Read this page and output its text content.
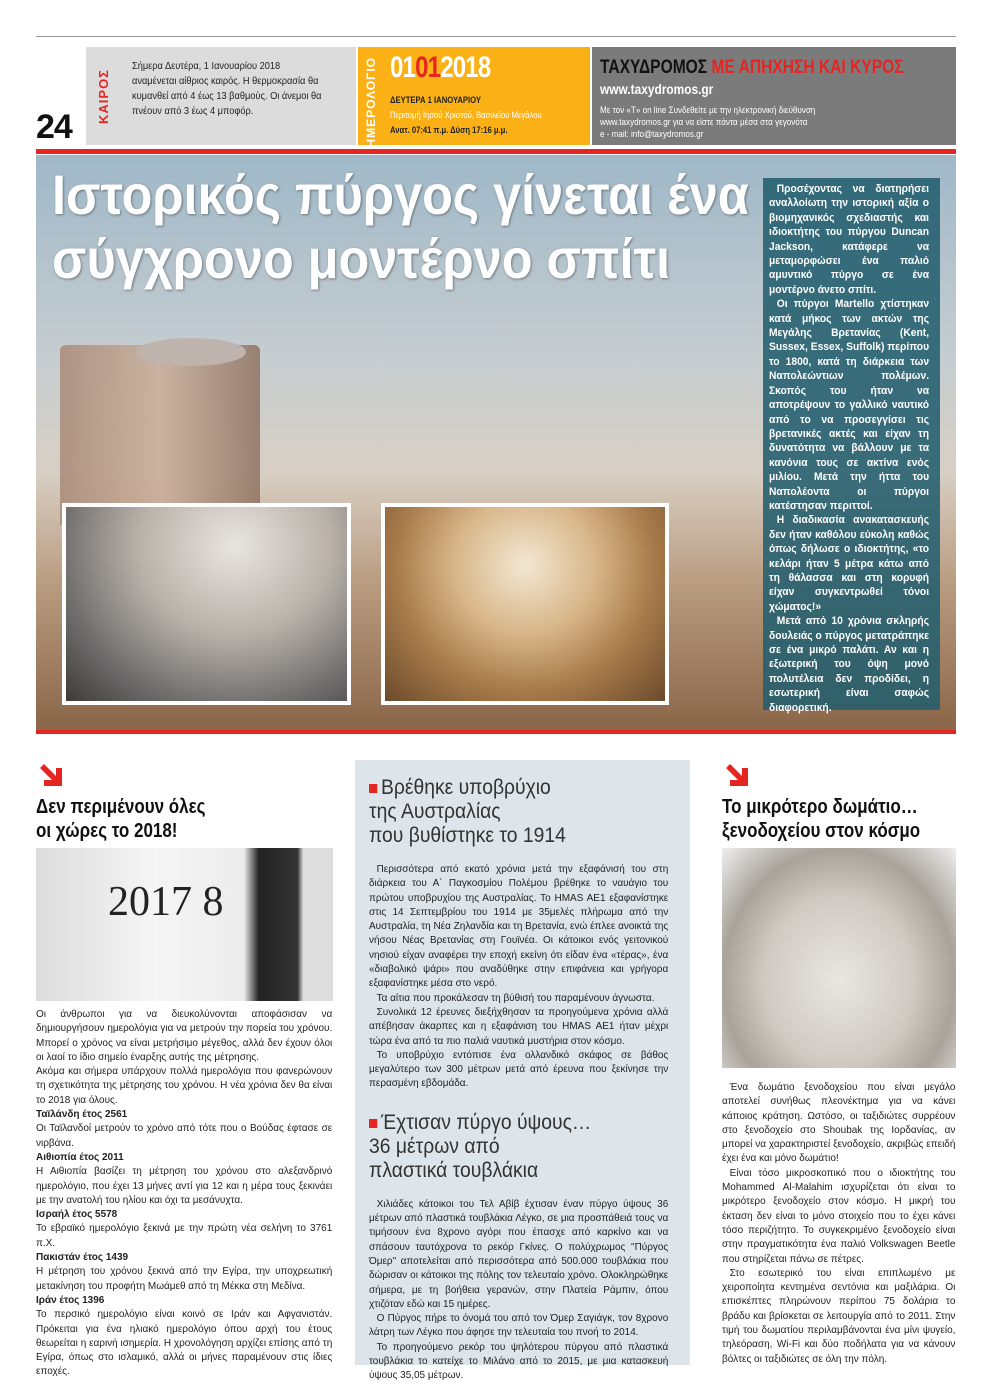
24
ΚΑΙΡΟΣ
Σήμερα Δευτέρα, 1 Ιανουαρίου 2018 αναμένεται αίθριος καιρός. Η θερμοκρασία θα κυμανθεί από 4 έως 13 βαθμούς. Οι άνεμοι θα πνέουν από 3 έως 4 μποφόρ.	ΗΜΕΡΟΛΟΓΙΟ 01012018
ΔΕΥΤΕΡΑ 1 ΙΑΝΟΥΑΡΙΟΥ
Περιτομή Ιησού Χριστού, Βασιλείου Μεγάλου
Ανατ. 07:41 π.μ. Δύση 17:16 μ.μ.
ΤΑΧΥΔΡΟΜΟΣ ΜΕ ΑΠΗΧΗΣΗ ΚΑΙ ΚΥΡΟΣ
www.taxydromos.gr
Με τον «Τ» on line Συνδεθείτε με την ηλεκτρονική διεύθυνση
www.taxydromos.gr για να είστε πάντα μέσα στα γεγονότα
e - mail: info@taxydromos.gr
Ιστορικός πύργος γίνεται ένα σύγχρονο μοντέρνο σπίτι

Προσέχοντας να διατηρήσει αναλλοίωτη την ιστορική αξία ο βιομηχανικός σχεδιαστής και ιδιοκτήτης του πύργου Duncan Jackson, κατάφερε να μεταμορφώσει ένα παλιό αμυντικό πύργο σε ένα μοντέρνο άνετο σπίτι.

Οι πύργοι Martello χτίστηκαν κατά μήκος των ακτών της Μεγάλης Βρετανίας (Kent, Sussex, Essex, Suffolk) περίπου το 1800, κατά τη διάρκεια των Ναπολεώντιων πολέμων. Σκοπός του ήταν να αποτρέψουν το γαλλικό ναυτικό από το να προσεγγίσει τις βρετανικές ακτές και είχαν τη δυνατότητα να βάλλουν με τα κανόνια τους σε ακτίνα ενός μιλίου. Μετά την ήττα του Ναπολέοντα οι πύργοι κατέστησαν περιττοί.

Η διαδικασία ανακατασκευής δεν ήταν καθόλου εύκολη καθώς όπως δήλωσε ο ιδιοκτήτης, «το κελάρι ήταν 5 μέτρα κάτω από τη θάλασσα και στη κορυφή είχαν συγκεντρωθεί τόνοι χώματος!»

Μετά από 10 χρόνια σκληρής δουλειάς ο πύργος μετατράπηκε σε ένα μικρό παλάτι. Αν και η εξωτερική του όψη μονό πολυτέλεια δεν προδίδει, η εσωτερική είναι σαφώς διαφορετική.

Δεν περιμένουν όλες
οι χώρες το 2018!
2017 8

Οι άνθρωποι για να διευκολύνονται αποφάσισαν να δημιουργήσουν ημερολόγια για να μετρούν την πορεία του χρόνου. Μπορεί ο χρόνος να είναι μετρήσιμο μέγεθος, αλλά δεν έχουν όλοι οι λαοί το ίδιο σημείο έναρξης αυτής της μέτρησης.

Ακόμα και σήμερα υπάρχουν πολλά ημερολόγια που φανερώνουν τη σχετικότητα της μέτρησης του χρόνου. Η νέα χρόνια δεν θα είναι το 2018 για όλους.

Ταϊλάνδη έτος 2561

Οι Ταϊλανδοί μετρούν το χρόνο από τότε που ο Βούδας έφτασε σε νιρβάνα.

Αιθιοπία έτος 2011

Η Αιθιοπία βασίζει τη μέτρηση του χρόνου στο αλεξανδρινό ημερολόγιο, που έχει 13 μήνες αντί για 12 και η μέρα τους ξεκινάει με την ανατολή του ηλίου και όχι τα μεσάνυχτα.

Ισραήλ έτος 5578

Το εβραϊκό ημερολόγιο ξεκινά με την πρώτη νέα σελήνη το 3761 π.Χ.

Πακιστάν έτος 1439

Η μέτρηση του χρόνου ξεκινά από την Εγίρα, την υποχρεωτική μετακίνηση του προφήτη Μωάμεθ από τη Μέκκα στη Μεδίνα.

Ιράν έτος 1396

Το περσικό ημερολόγιο είναι κοινό σε Ιράν και Αφγανιστάν. Πρόκειται για ένα ηλιακό ημερολόγιο όπου αρχή του έτους θεωρείται η εαρινή ισημερία. Η χρονολόγηση αρχίζει επίσης από τη Εγίρα, όπως στο ισλαμικό, αλλά οι μήνες παραμένουν στις ίδιες εποχές.

Βρέθηκε υποβρύχιο
της Αυστραλίας
που βυθίστηκε το 1914

Περισσότερα από εκατό χρόνια μετά την εξαφάνισή του στη διάρκεια του Α΄ Παγκοσμίου Πολέμου βρέθηκε το ναυάγιο του πρώτου υποβρυχίου της Αυστραλίας. Το HMAS AE1 εξαφανίστηκε στις 14 Σεπτεμβρίου του 1914 με 35μελές πλήρωμα από την Αυστραλία, τη Νέα Ζηλανδία και τη Βρετανία, ενώ έπλεε ανοικτά της νήσου Νέας Βρετανίας στη Γουϊνέα. Οι κάτοικοι ενός γειτονικού νησιού είχαν αναφέρει την εποχή εκείνη ότι είδαν ένα «τέρας», ένα «διαβολικό ψάρι» που αναδύθηκε στην επιφάνεια και γρήγορα εξαφανίστηκε μέσα στο νερό.

Τα αίτια που προκάλεσαν τη βύθισή του παραμένουν άγνωστα.

Συνολικά 12 έρευνες διεξήχθησαν τα προηγούμενα χρόνια αλλά απέβησαν άκαρπες και η εξαφάνιση του HMAS AE1 ήταν μέχρι τώρα ένα από τα πιο παλιά ναυτικά μυστήρια στον κόσμο.

Το υποβρύχιο εντόπισε ένα ολλανδικό σκάφος σε βάθος μεγαλύτερο των 300 μέτρων μετά από έρευνα που ξεκίνησε την περασμένη εβδομάδα.

Έχτισαν πύργο ύψους…
36 μέτρων από
πλαστικά τουβλάκια

Χιλιάδες κάτοικοι του Τελ Αβίβ έχτισαν έναν πύργο ύψους 36 μέτρων από πλαστικά τουβλάκια Λέγκο, σε μια προσπάθειά τους να τιμήσουν ένα 8χρονο αγόρι που έπασχε από καρκίνο και να σπάσουν ταυτόχρονα το ρεκόρ Γκίνες. Ο πολύχρωμος "Πύργος Όμερ" αποτελείται από περισσότερα από 500.000 τουβλάκια που δώρισαν οι κάτοικοι της πόλης τον τελευταίο χρόνο. Ολοκληρώθηκε σήμερα, με τη βοήθεια γερανών, στην Πλατεία Ράμπιν, όπου χτιζόταν εδώ και 15 ημέρες.

Ο Πύργος πήρε το όνομά του από τον Όμερ Σαγιάγκ, τον 8χρονο λάτρη των Λέγκο που άφησε την τελευταία του πνοή το 2014.

Το προηγούμενο ρεκόρ του ψηλότερου πύργου από πλαστικά τουβλάκια το κατείχε το Μιλάνο από το 2015, με μια κατασκευή ύψους 35,05 μέτρων.

Το μικρότερο δωμάτιο…
ξενοδοχείου στον κόσμο

Ένα δωμάτιο ξενοδοχείου που είναι μεγάλο αποτελεί συνήθως πλεονέκτημα για να κάνει κάποιος κράτηση. Ωστόσο, οι ταξιδιώτες συρρέουν στο ξενοδοχείο στο Shoubak της Ιορδανίας, αν μπορεί να χαρακτηριστεί ξενοδοχείο, ακριβώς επειδή έχει ένα και μόνο δωμάτιο!

Είναι τόσο μικροσκοπικό που ο ιδιοκτήτης του Mohammed Al-Malahim ισχυρίζεται ότι είναι το μικρότερο ξενοδοχείο στον κόσμο. Η μικρή του έκταση δεν είναι το μόνο στοιχείο που το έχει κάνει τόσο περιζήτητο. Το συγκεκριμένο ξενοδοχείο είναι στην πραγματικότητα ένα παλιό Volkswagen Beetle που στηρίζεται πάνω σε πέτρες.

Στο εσωτερικό του είναι επιπλωμένο με χειροποίητα κεντημένα σεντόνια και μαξιλάρια. Οι επισκέπτες πληρώνουν περίπου 75 δολάρια το βράδυ και βρίσκεται σε λειτουργία από το 2011. Στην τιμή του δωματίου περιλαμβάνονται ένα μίνι ψυγείο, τηλεόραση, Wi-Fi και δύο ποδήλατα για να κάνουν βόλτες οι ταξιδιώτες σε όλη την πόλη.
